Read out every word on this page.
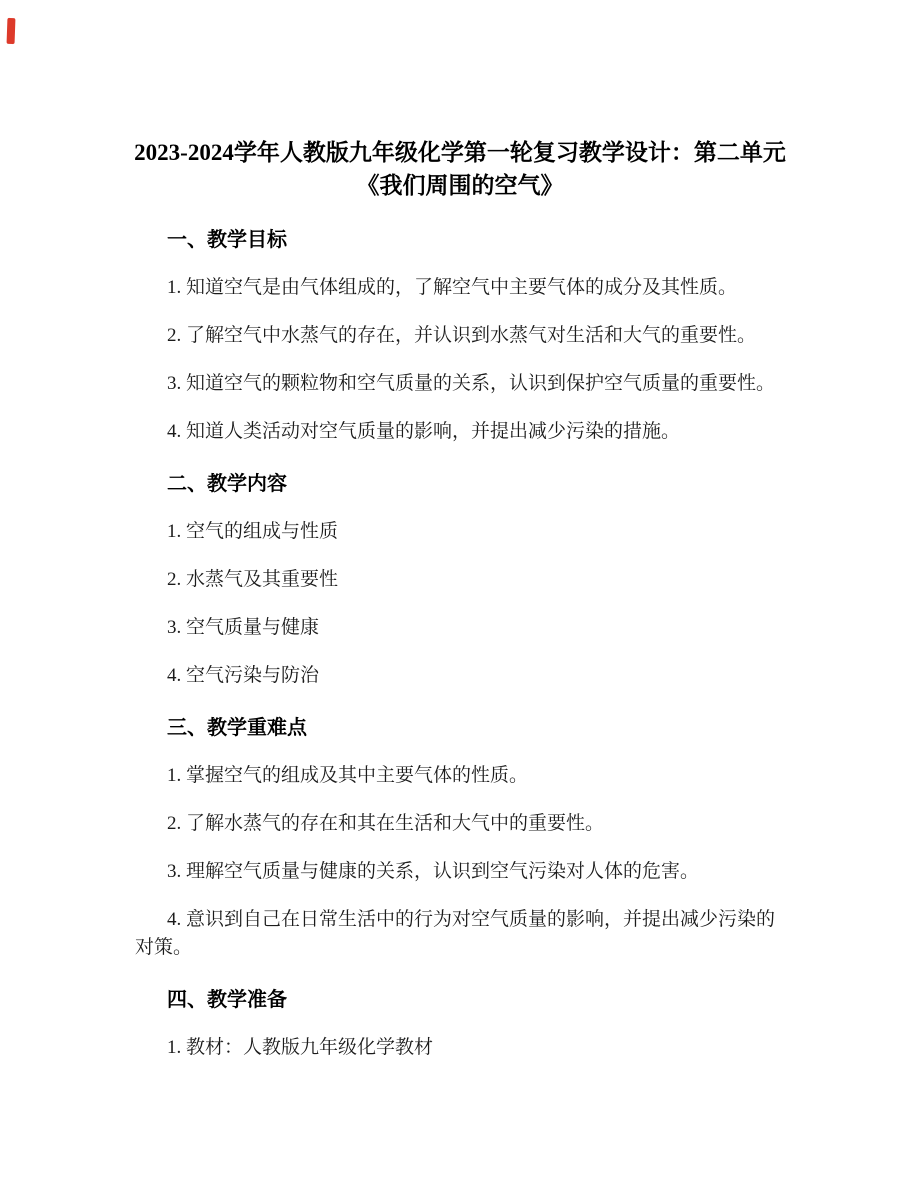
2023-2024学年人教版九年级化学第一轮复习教学设计：第二单元
《我们周围的空气》
一、教学目标

1. 知道空气是由气体组成的，了解空气中主要气体的成分及其性质。

2. 了解空气中水蒸气的存在，并认识到水蒸气对生活和大气的重要性。

3. 知道空气的颗粒物和空气质量的关系，认识到保护空气质量的重要性。

4. 知道人类活动对空气质量的影响，并提出减少污染的措施。

二、教学内容

1. 空气的组成与性质

2. 水蒸气及其重要性

3. 空气质量与健康

4. 空气污染与防治

三、教学重难点

1. 掌握空气的组成及其中主要气体的性质。

2. 了解水蒸气的存在和其在生活和大气中的重要性。

3. 理解空气质量与健康的关系，认识到空气污染对人体的危害。

4. 意识到自己在日常生活中的行为对空气质量的影响，并提出减少污染的对策。

四、教学准备

1. 教材：人教版九年级化学教材
